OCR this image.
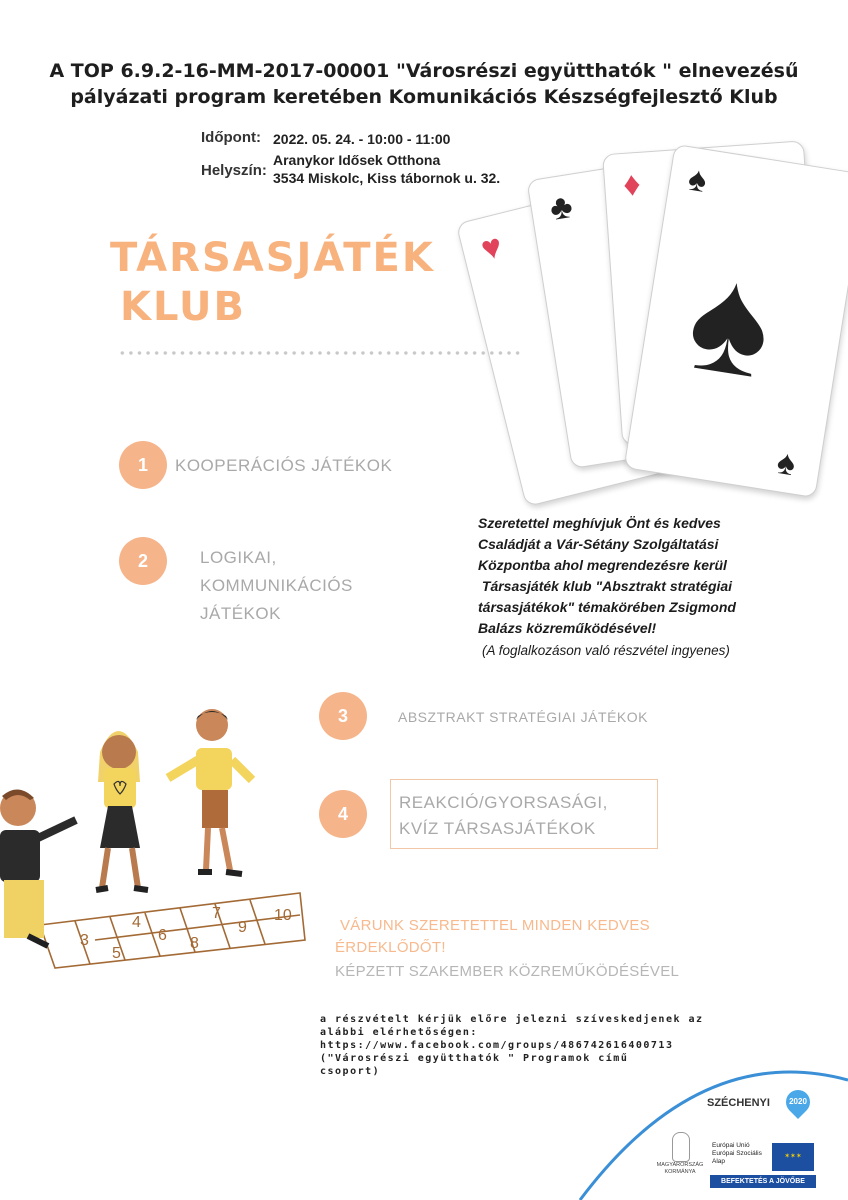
A TOP 6.9.2-16-MM-2017-00001 "Városrészi együtthatók " elnevezésű
pályázati program keretében Komunikációs Készségfejlesztő Klub
Időpont: 2022. 05. 24. - 10:00 - 11:00
Helyszín:
Aranykor Idősek Otthona
3534 Miskolc, Kiss tábornok u. 32.
♥
♣
♦ ♠
♠
♠
TÁRSASJÁTÉK
KLUB
1	KOOPERÁCIÓS JÁTÉKOK
2	LOGIKAI,
KOMMUNIKÁCIÓS
JÁTÉKOK
Szeretettel meghívjuk Önt és kedves
Családját a Vár-Sétány Szolgáltatási
Központba ahol megrendezésre kerül
Társasjáték klub "Absztrakt stratégiai
társasjátékok" témakörében Zsigmond
Balázs közreműködésével!
(A foglalkozáson való részvétel ingyenes)
3	ABSZTRAKT STRATÉGIAI JÁTÉKOK
4
REAKCIÓ/GYORSASÁGI,
KVÍZ TÁRSASJÁTÉKOK
3
5
4
6 8
7
9
10
VÁRUNK SZERETETTEL MINDEN KEDVES
ÉRDEKLŐDŐT!
KÉPZETT SZAKEMBER KÖZREMŰKÖDÉSÉVEL
a részvételt kérjük előre jelezni szíveskedjenek az
alábbi elérhetőségen:
https://www.facebook.com/groups/486742616400713
("Városrészi együtthatók " Programok című
csoport)
SZÉCHENYI	2020
MAGYARORSZÁG KORMÁNYA
Európai Unió
Európai Szociális
Alap
✶✶✶
BEFEKTETÉS A JÖVŐBE
